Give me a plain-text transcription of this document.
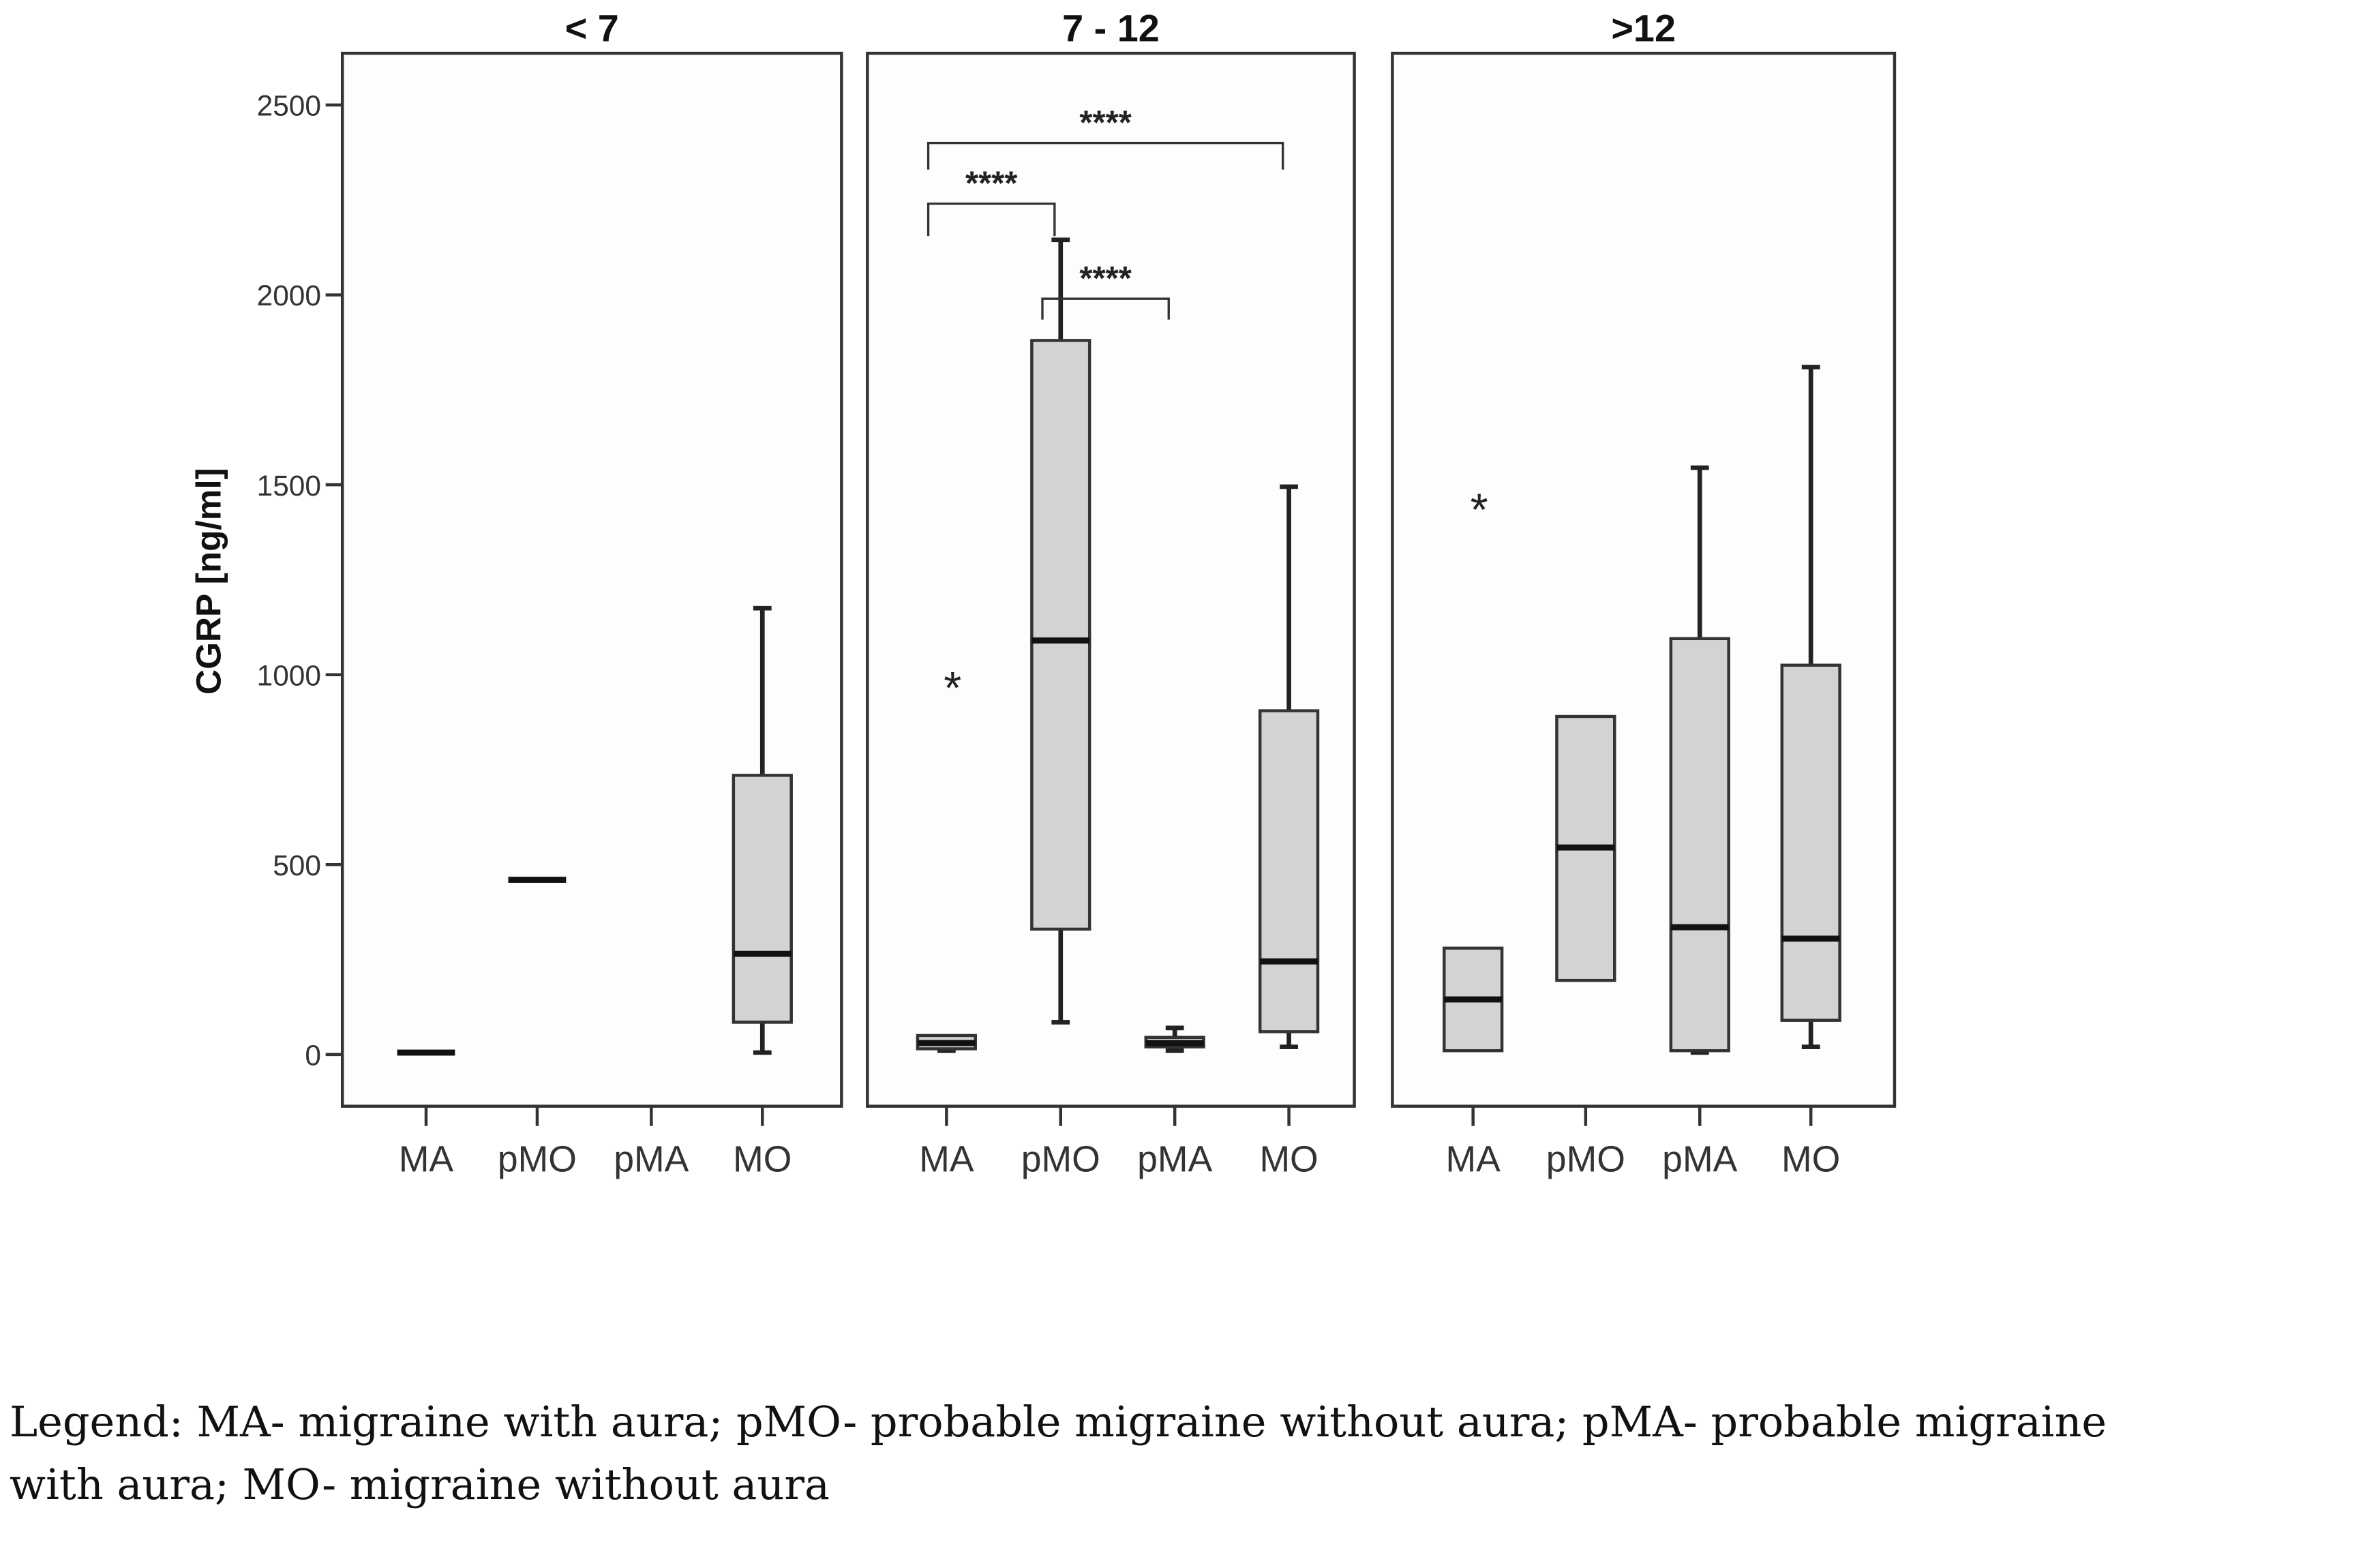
CGRP [ng/ml]
0
500
1000
1500
2000
2500
< 7
MA	pMO pMA	MO
7 - 12
MA	pMO pMA	MO
*
****
****
****
>12
MA	pMO pMA	MO
*
Legend: MA- migraine with aura; pMO- probable migraine without aura; pMA- probable migraine
with aura; MO- migraine without aura
